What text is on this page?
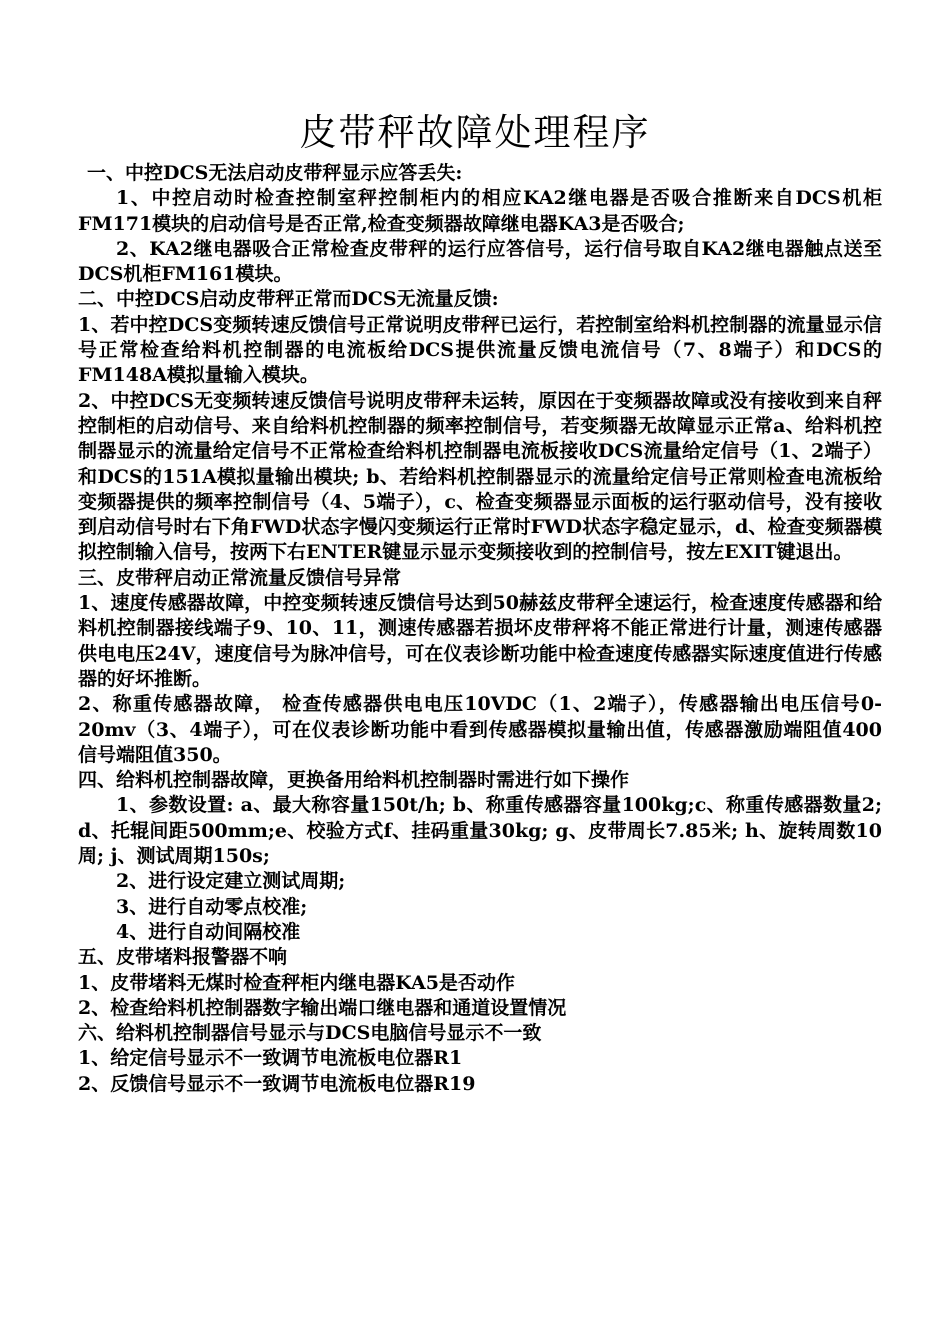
皮带秤故障处理程序

一、中控DCS无法启动皮带秤显示应答丢失:

1、中控启动时检查控制室秤控制柜内的相应KA2继电器是否吸合推断来自DCS机柜FM171模块的启动信号是否正常,检查变频器故障继电器KA3是否吸合;

2、KA2继电器吸合正常检查皮带秤的运行应答信号，运行信号取自KA2继电器触点送至DCS机柜FM161模块。

二、中控DCS启动皮带秤正常而DCS无流量反馈:

1、若中控DCS变频转速反馈信号正常说明皮带秤已运行，若控制室给料机控制器的流量显示信号正常检查给料机控制器的电流板给DCS提供流量反馈电流信号（7、8端子）和DCS的FM148A模拟量输入模块。

2、中控DCS无变频转速反馈信号说明皮带秤未运转，原因在于变频器故障或没有接收到来自秤控制柜的启动信号、来自给料机控制器的频率控制信号，若变频器无故障显示正常a、给料机控制器显示的流量给定信号不正常检查给料机控制器电流板接收DCS流量给定信号（1、2端子）和DCS的151A模拟量输出模块; b、若给料机控制器显示的流量给定信号正常则检查电流板给变频器提供的频率控制信号（4、5端子），c、检查变频器显示面板的运行驱动信号，没有接收到启动信号时右下角FWD状态字慢闪变频运行正常时FWD状态字稳定显示，d、检查变频器模拟控制输入信号，按两下右ENTER键显示显示变频接收到的控制信号，按左EXIT键退出。

三、皮带秤启动正常流量反馈信号异常

1、速度传感器故障，中控变频转速反馈信号达到50赫兹皮带秤全速运行，检查速度传感器和给料机控制器接线端子9、10、11，测速传感器若损坏皮带秤将不能正常进行计量，测速传感器供电电压24V，速度信号为脉冲信号，可在仪表诊断功能中检查速度传感器实际速度值进行传感器的好坏推断。

2、称重传感器故障， 检查传感器供电电压10VDC（1、2端子），传感器输出电压信号0-20mv（3、4端子），可在仪表诊断功能中看到传感器模拟量输出值，传感器激励端阻值400 信号端阻值350。

四、给料机控制器故障，更换备用给料机控制器时需进行如下操作

1、参数设置: a、最大称容量150t/h; b、称重传感器容量100kg;c、称重传感器数量2; d、托辊间距500mm;e、校验方式f、挂码重量30kg; g、皮带周长7.85米; h、旋转周数10周; j、测试周期150s;

2、进行设定建立测试周期;

3、进行自动零点校准;

4、进行自动间隔校准

五、皮带堵料报警器不响

1、皮带堵料无煤时检查秤柜内继电器KA5是否动作

2、检查给料机控制器数字输出端口继电器和通道设置情况

六、给料机控制器信号显示与DCS电脑信号显示不一致

1、给定信号显示不一致调节电流板电位器R1

2、反馈信号显示不一致调节电流板电位器R19
